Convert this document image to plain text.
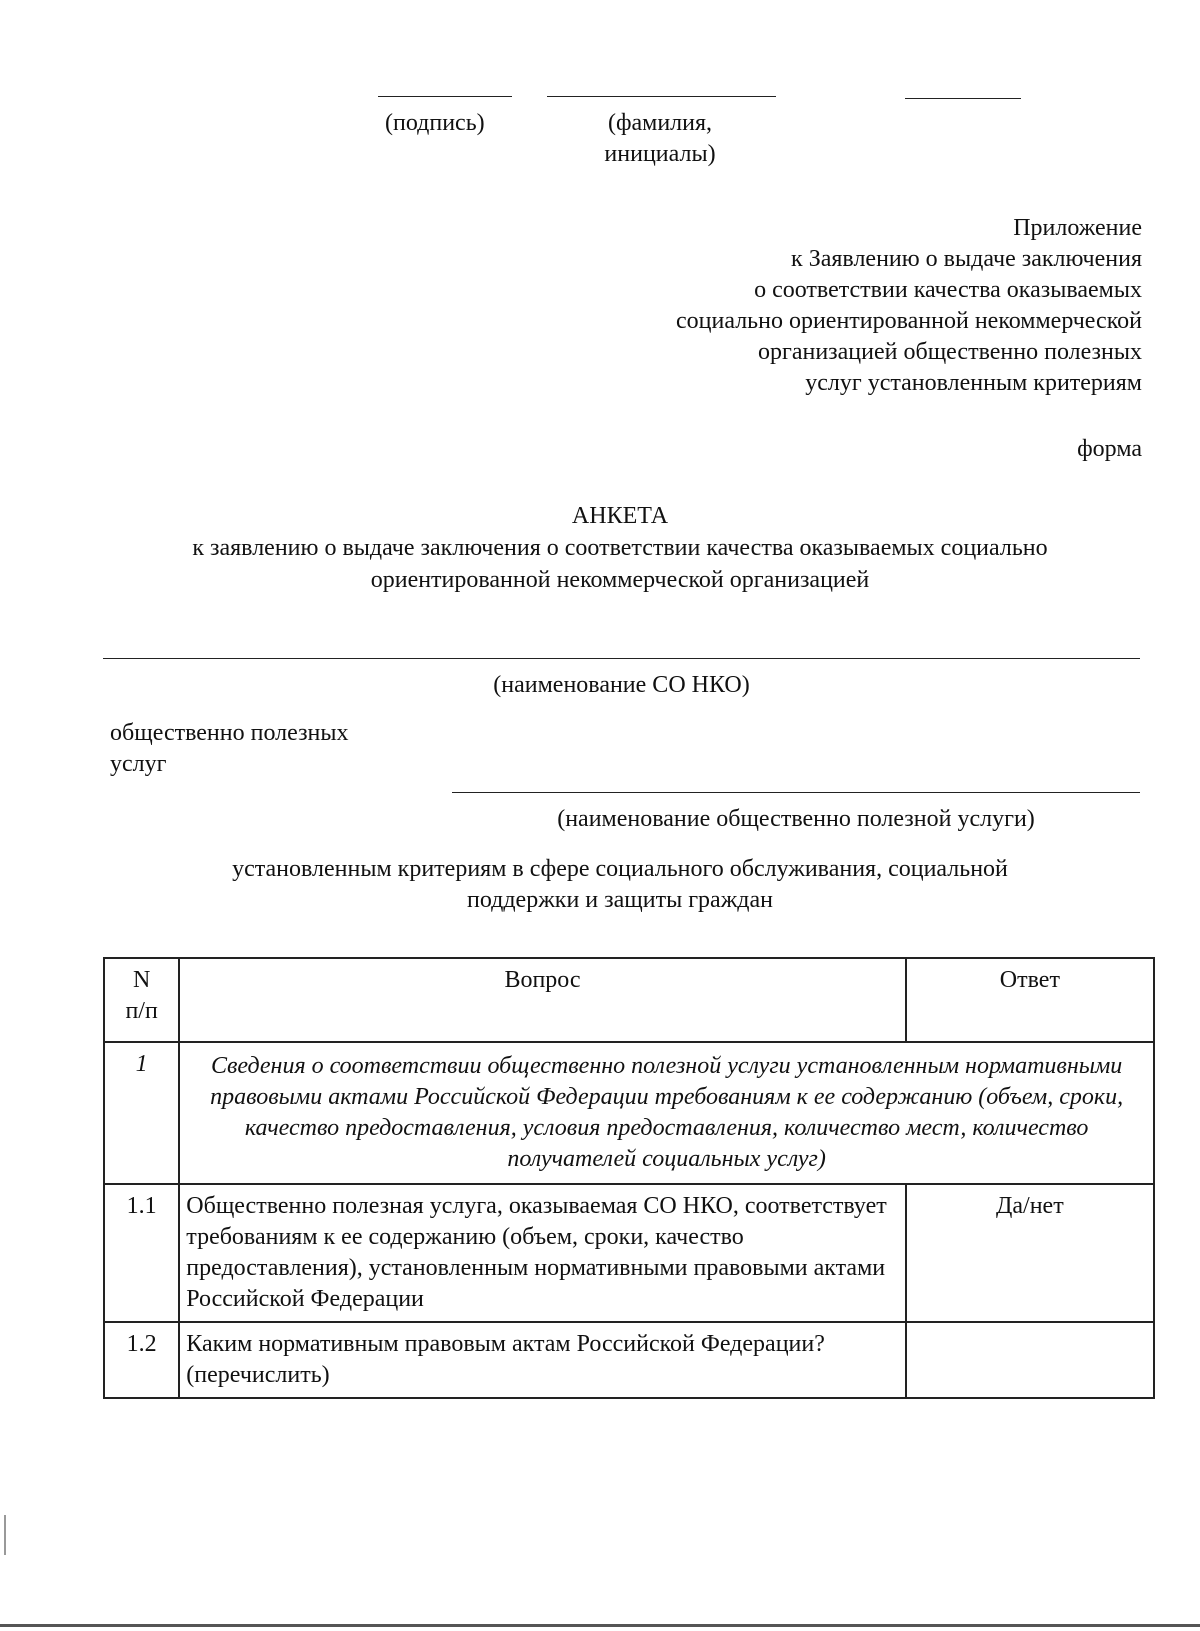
(подпись)	(фамилия,
инициалы)
Приложение
к Заявлению о выдаче заключения
о соответствии качества оказываемых
социально ориентированной некоммерческой
организацией общественно полезных
услуг установленным критериям
форма
АНКЕТА
к заявлению о выдаче заключения о соответствии качества оказываемых социально
ориентированной некоммерческой организацией
(наименование СО НКО)
общественно полезных
услуг
(наименование общественно полезной услуги)
установленным критериям в сфере социального обслуживания, социальной
поддержки и защиты граждан
N
п/п	Вопрос	Ответ
1	Сведения о соответствии общественно полезной услуги установленным нормативными правовыми актами Российской Федерации требованиям к ее содержанию (объем, сроки, качество предоставления, условия предоставления, количество мест, количество получателей социальных услуг)	
1.1	Общественно полезная услуга, оказываемая СО НКО, соответствует требованиям к ее содержанию (объем, сроки, качество предоставления), установленным нормативными правовыми актами Российской Федерации	Да/нет
1.2	Каким нормативным правовым актам Российской Федерации?
(перечислить)	
